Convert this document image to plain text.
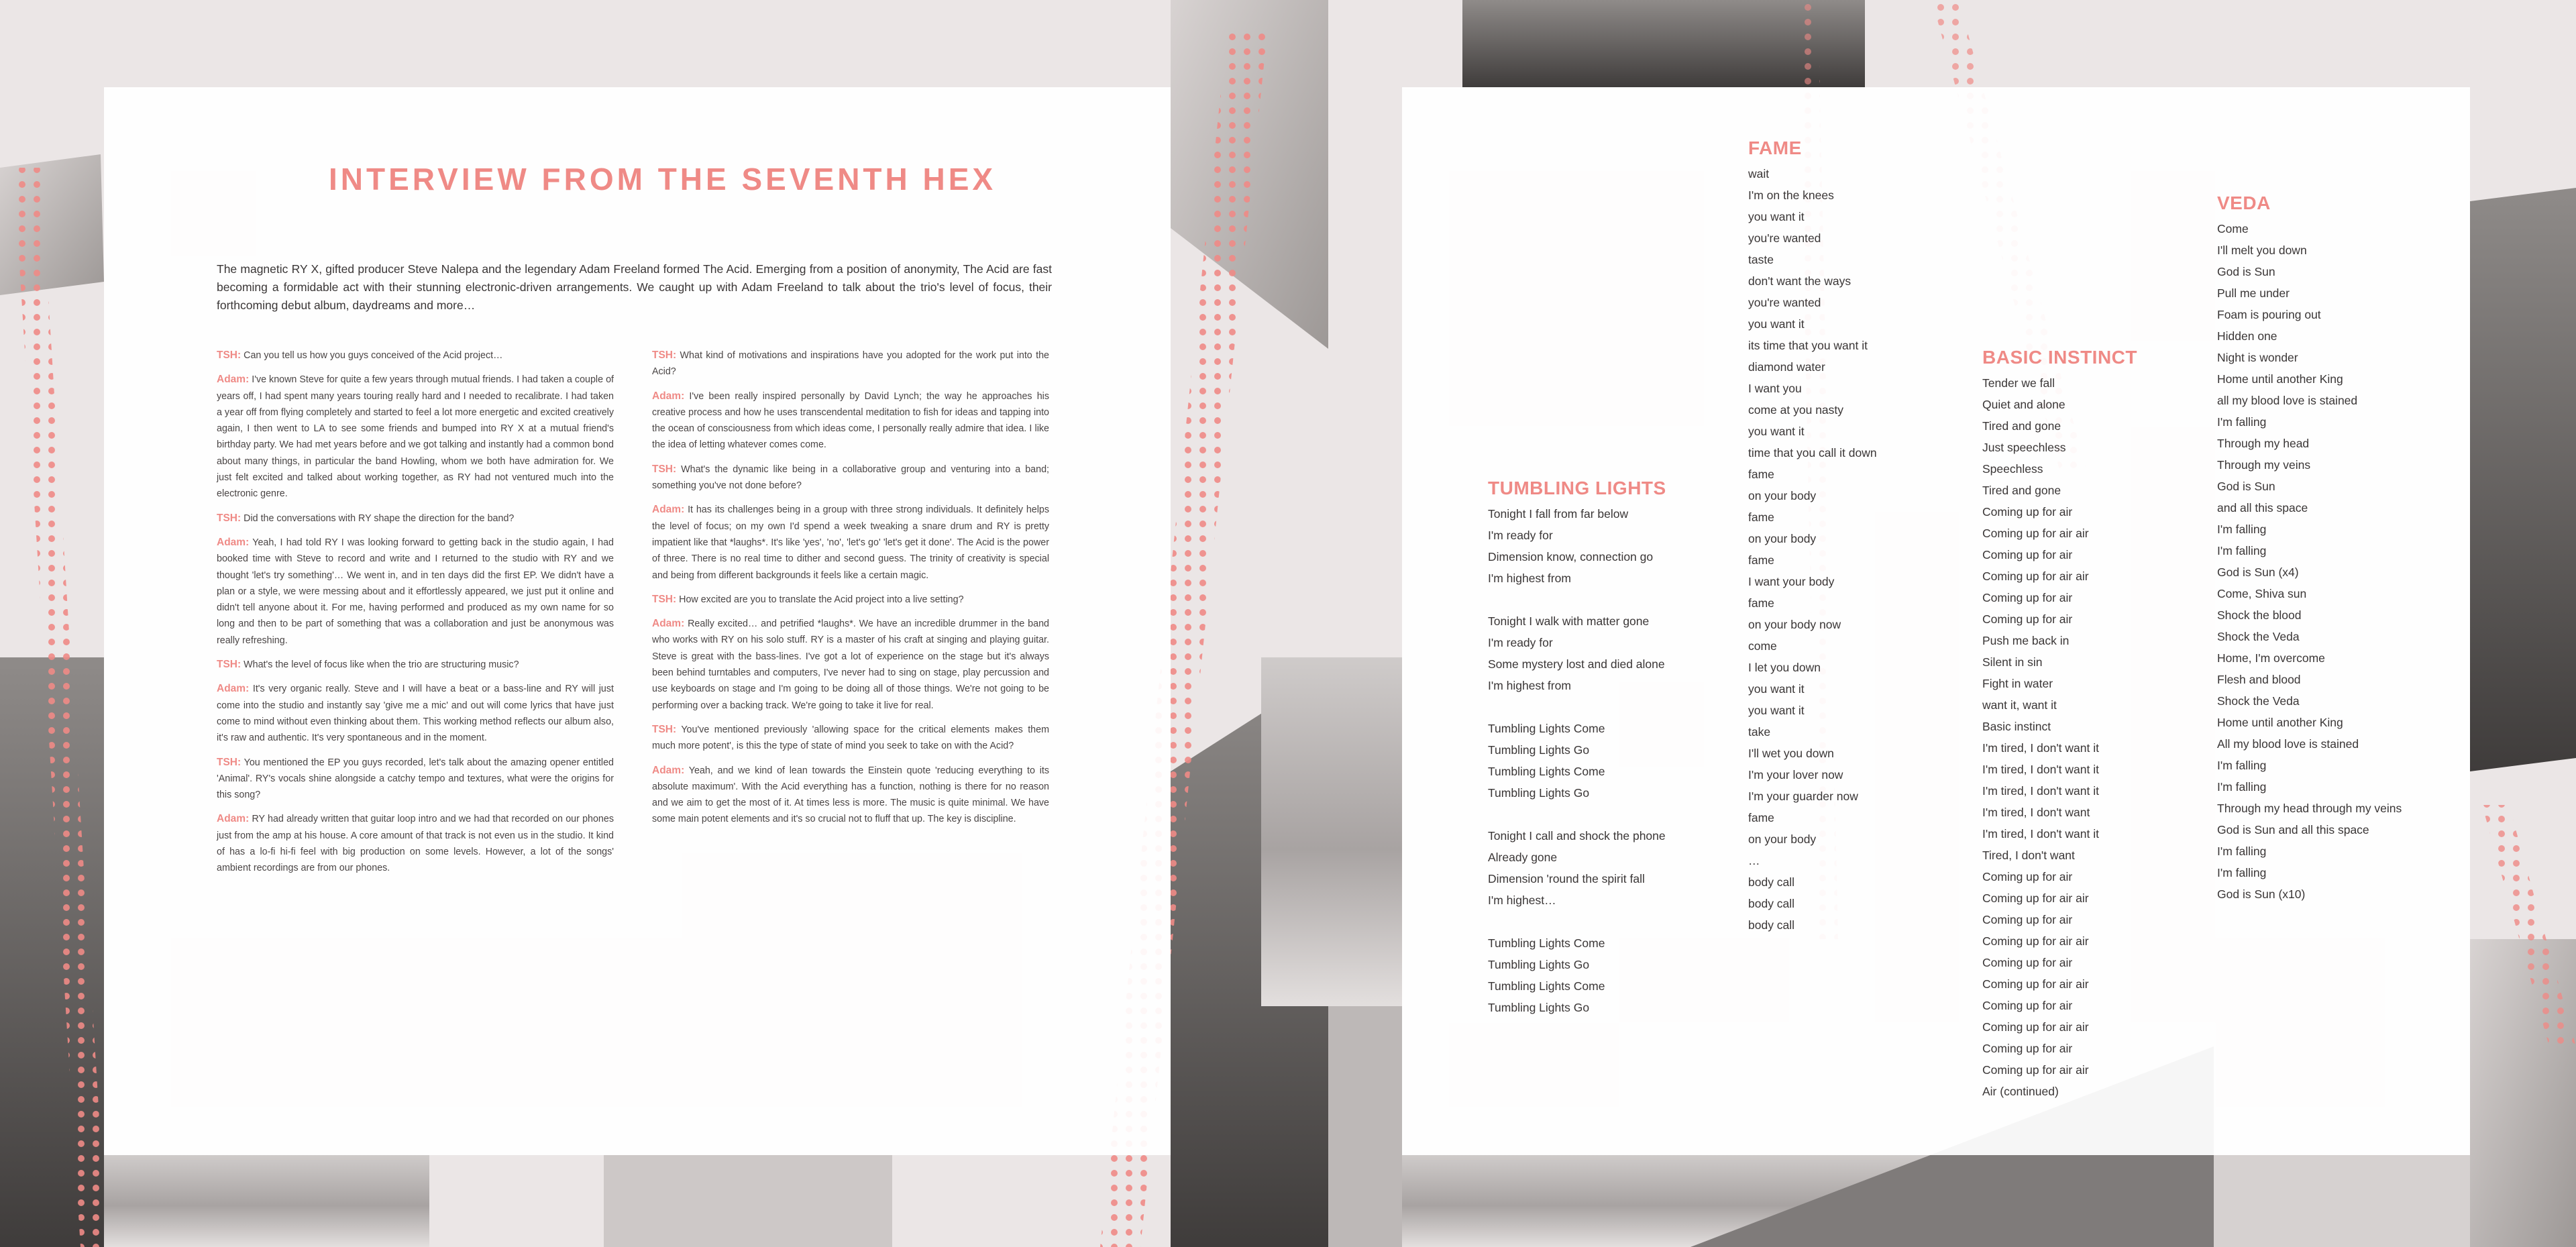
INTERVIEW FROM THE SEVENTH HEX
The magnetic RY X, gifted producer Steve Nalepa and the legendary Adam Freeland formed The Acid. Emerging from a position of anonymity, The Acid are fast becoming a formidable act with their stunning electronic-driven arrangements. We caught up with Adam Freeland to talk about the trio's level of focus, their forthcoming debut album, daydreams and more…

TSH: Can you tell us how you guys conceived of the Acid project…

Adam: I've known Steve for quite a few years through mutual friends. I had taken a couple of years off, I had spent many years touring really hard and I needed to recalibrate. I had taken a year off from flying completely and started to feel a lot more energetic and excited creatively again, I then went to LA to see some friends and bumped into RY X at a mutual friend's birthday party. We had met years before and we got talking and instantly had a common bond about many things, in particular the band Howling, whom we both have admiration for. We just felt excited and talked about working together, as RY had not ventured much into the electronic genre.

TSH: Did the conversations with RY shape the direction for the band?

Adam: Yeah, I had told RY I was looking forward to getting back in the studio again, I had booked time with Steve to record and write and I returned to the studio with RY and we thought 'let's try something'… We went in, and in ten days did the first EP. We didn't have a plan or a style, we were messing about and it effortlessly appeared, we just put it online and didn't tell anyone about it. For me, having performed and produced as my own name for so long and then to be part of something that was a collaboration and just be anonymous was really refreshing.

TSH: What's the level of focus like when the trio are structuring music?

Adam: It's very organic really. Steve and I will have a beat or a bass-line and RY will just come into the studio and instantly say 'give me a mic' and out will come lyrics that have just come to mind without even thinking about them. This working method reflects our album also, it's raw and authentic. It's very spontaneous and in the moment.

TSH: You mentioned the EP you guys recorded, let's talk about the amazing opener entitled 'Animal'. RY's vocals shine alongside a catchy tempo and textures, what were the origins for this song?

Adam: RY had already written that guitar loop intro and we had that recorded on our phones just from the amp at his house. A core amount of that track is not even us in the studio. It kind of has a lo-fi hi-fi feel with big production on some levels. However, a lot of the songs' ambient recordings are from our phones.

TSH: What kind of motivations and inspirations have you adopted for the work put into the Acid?

Adam: I've been really inspired personally by David Lynch; the way he approaches his creative process and how he uses transcendental meditation to fish for ideas and tapping into the ocean of consciousness from which ideas come, I personally really admire that idea. I like the idea of letting whatever comes come.

TSH: What's the dynamic like being in a collaborative group and venturing into a band; something you've not done before?

Adam: It has its challenges being in a group with three strong individuals. It definitely helps the level of focus; on my own I'd spend a week tweaking a snare drum and RY is pretty impatient like that *laughs*. It's like 'yes', 'no', 'let's go' 'let's get it done'. The Acid is the power of three. There is no real time to dither and second guess. The trinity of creativity is special and being from different backgrounds it feels like a certain magic.

TSH: How excited are you to translate the Acid project into a live setting?

Adam: Really excited… and petrified *laughs*. We have an incredible drummer in the band who works with RY on his solo stuff. RY is a master of his craft at singing and playing guitar. Steve is great with the bass-lines. I've got a lot of experience on the stage but it's always been behind turntables and computers, I've never had to sing on stage, play percussion and use keyboards on stage and I'm going to be doing all of those things. We're not going to be performing over a backing track. We're going to take it live for real.

TSH: You've mentioned previously 'allowing space for the critical elements makes them much more potent', is this the type of state of mind you seek to take on with the Acid?

Adam: Yeah, and we kind of lean towards the Einstein quote 'reducing everything to its absolute maximum'. With the Acid everything has a function, nothing is there for no reason and we aim to get the most of it. At times less is more. The music is quite minimal. We have some main potent elements and it's so crucial not to fluff that up. The key is discipline.

TUMBLING LIGHTS
Tonight I fall from far below
I'm ready for
Dimension know, connection go
I'm highest from
Tonight I walk with matter gone
I'm ready for
Some mystery lost and died alone
I'm highest from
Tumbling Lights Come
Tumbling Lights Go
Tumbling Lights Come
Tumbling Lights Go
Tonight I call and shock the phone
Already gone
Dimension 'round the spirit fall
I'm highest…
Tumbling Lights Come
Tumbling Lights Go
Tumbling Lights Come
Tumbling Lights Go
FAME
wait
I'm on the knees
you want it
you're wanted
taste
don't want the ways
you're wanted
you want it
its time that you want it
diamond water
I want you
come at you nasty
you want it
time that you call it down
fame
on your body
fame
on your body
fame
I want your body
fame
on your body now
come
I let you down
you want it
you want it
take
I'll wet you down
I'm your lover now
I'm your guarder now
fame
on your body
…
body call
body call
body call
BASIC INSTINCT
Tender we fall
Quiet and alone
Tired and gone
Just speechless
Speechless
Tired and gone
Coming up for air
Coming up for air air
Coming up for air
Coming up for air air
Coming up for air
Coming up for air
Push me back in
Silent in sin
Fight in water
want it, want it
Basic instinct
I'm tired, I don't want it
I'm tired, I don't want it
I'm tired, I don't want it
I'm tired, I don't want
I'm tired, I don't want it
Tired, I don't want
Coming up for air
Coming up for air air
Coming up for air
Coming up for air air
Coming up for air
Coming up for air air
Coming up for air
Coming up for air air
Coming up for air
Coming up for air air
Air (continued)
VEDA
Come
I'll melt you down
God is Sun
Pull me under
Foam is pouring out
Hidden one
Night is wonder
Home until another King
all my blood love is stained
I'm falling
Through my head
Through my veins
God is Sun
and all this space
I'm falling
I'm falling
God is Sun (x4)
Come, Shiva sun
Shock the blood
Shock the Veda
Home, I'm overcome
Flesh and blood
Shock the Veda
Home until another King
All my blood love is stained
I'm falling
I'm falling
Through my head through my veins
God is Sun and all this space
I'm falling
I'm falling
God is Sun (x10)
